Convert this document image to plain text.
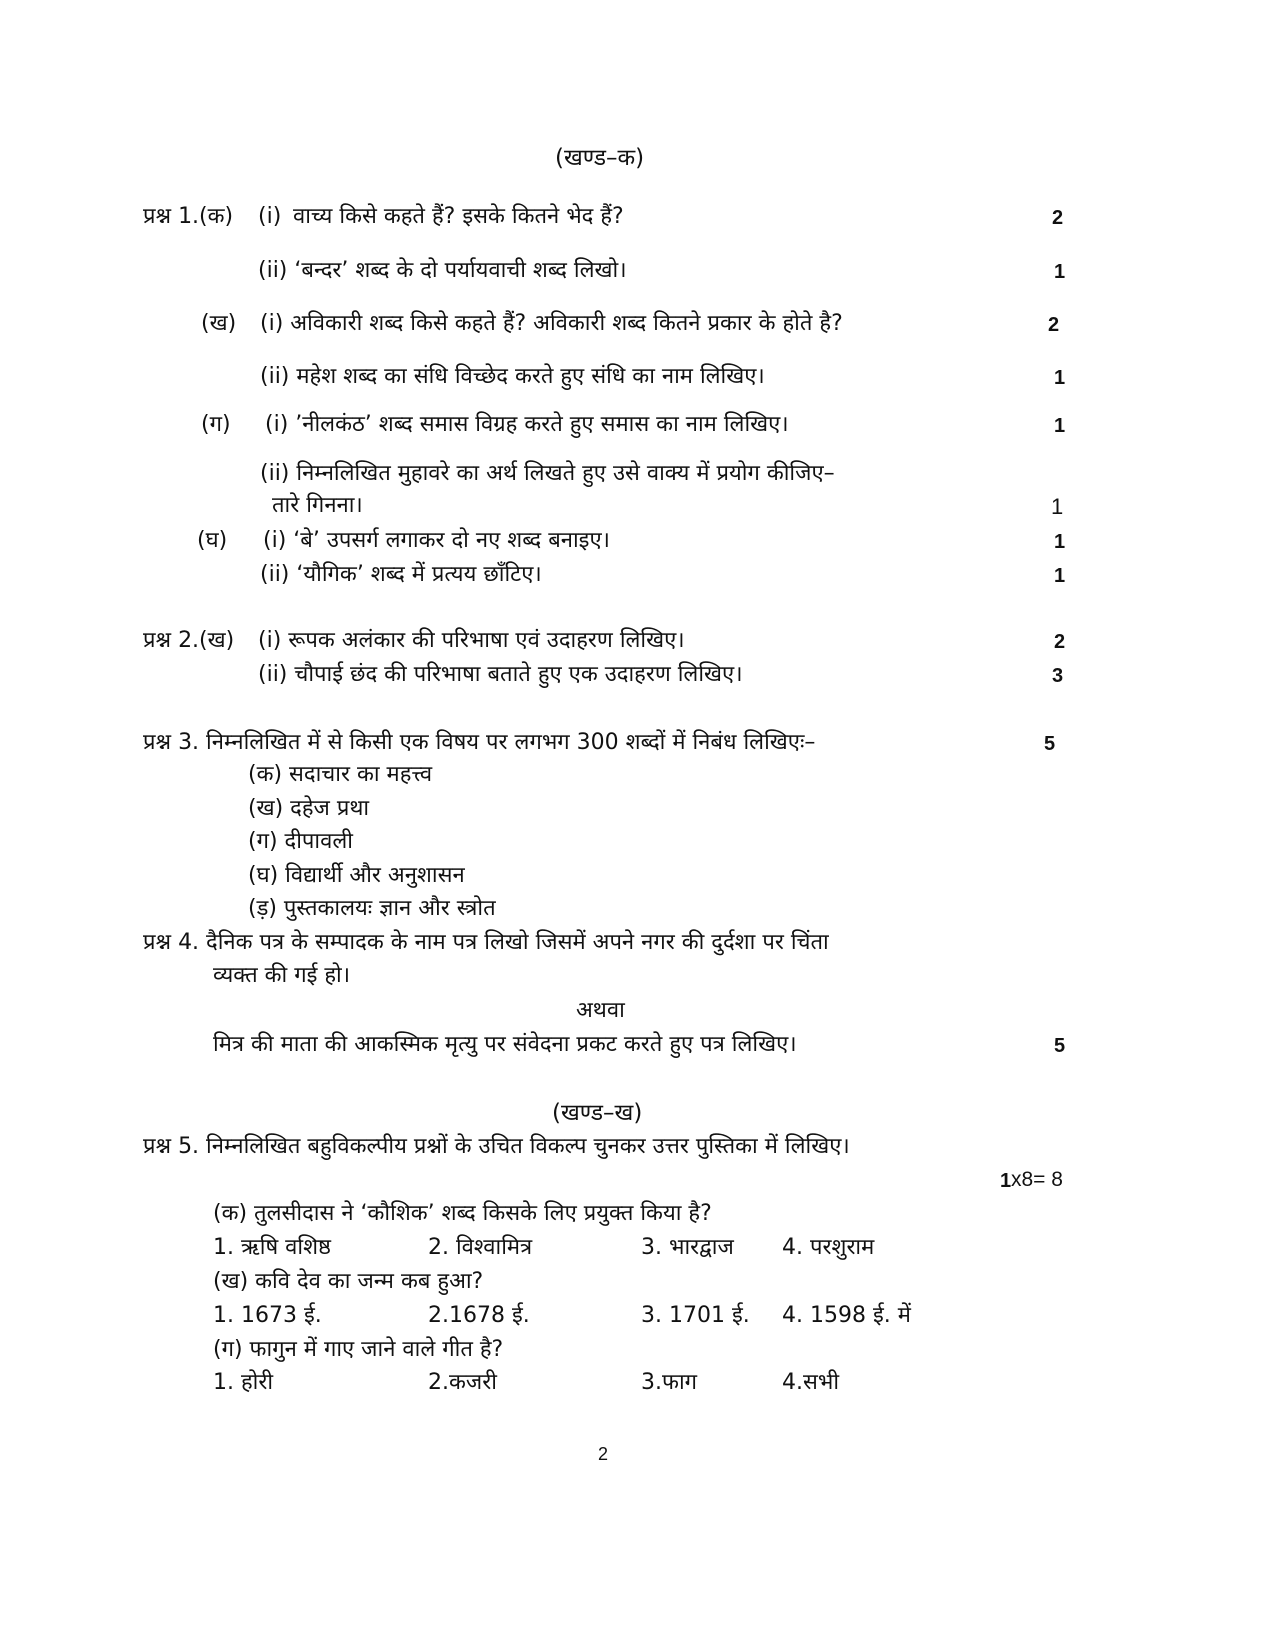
(खण्ड–क)
प्रश्न 1.(क) (i) वाच्य किसे कहते हैं? इसके कितने भेद हैं?	2
(ii) ‘बन्दर’ शब्द के दो पर्यायवाची शब्द लिखो।	1
(ख) (i) अविकारी शब्द किसे कहते हैं? अविकारी शब्द कितने प्रकार के होते है?	2
(ii) महेश शब्द का संधि विच्छेद करते हुए संधि का नाम लिखिए।	1
(ग) (i) ’नीलकंठ’ शब्द समास विग्रह करते हुए समास का नाम लिखिए।	1
(ii) निम्नलिखित मुहावरे का अर्थ लिखते हुए उसे वाक्य में प्रयोग कीजिए–
तारे गिनना।	1
(घ) (i) ‘बे’ उपसर्ग लगाकर दो नए शब्द बनाइए।	1
(ii) ‘यौगिक’ शब्द में प्रत्यय छाँटिए।	1
प्रश्न 2.(ख) (i) रूपक अलंकार की परिभाषा एवं उदाहरण लिखिए।	2
(ii) चौपाई छंद की परिभाषा बताते हुए एक उदाहरण लिखिए।	3
प्रश्न 3. निम्नलिखित में से किसी एक विषय पर लगभग 300 शब्दों में निबंध लिखिएः–	5
(क) सदाचार का महत्त्व
(ख) दहेज प्रथा
(ग) दीपावली
(घ) विद्यार्थी और अनुशासन
(ड़) पुस्तकालयः ज्ञान और स्त्रोत
प्रश्न 4. दैनिक पत्र के सम्पादक के नाम पत्र लिखो जिसमें अपने नगर की दुर्दशा पर चिंता
व्यक्त की गई हो।
अथवा
मित्र की माता की आकस्मिक मृत्यु पर संवेदना प्रकट करते हुए पत्र लिखिए।	5
(खण्ड–ख)
प्रश्न 5. निम्नलिखित बहुविकल्पीय प्रश्नों के उचित विकल्प चुनकर उत्तर पुस्तिका में लिखिए।
1 x8= 8
(क) तुलसीदास ने ‘कौशिक’ शब्द किसके लिए प्रयुक्त किया है?
1. ऋषि वशिष्ठ	2. विश्वामित्र	3. भारद्वाज 4. परशुराम
(ख) कवि देव का जन्म कब हुआ?
1. 1673 ई.	2.1678 ई.	3. 1701 ई. 4. 1598 ई. में
(ग) फागुन में गाए जाने वाले गीत है?
1. होरी	2.कजरी	3.फाग	4.सभी
2
